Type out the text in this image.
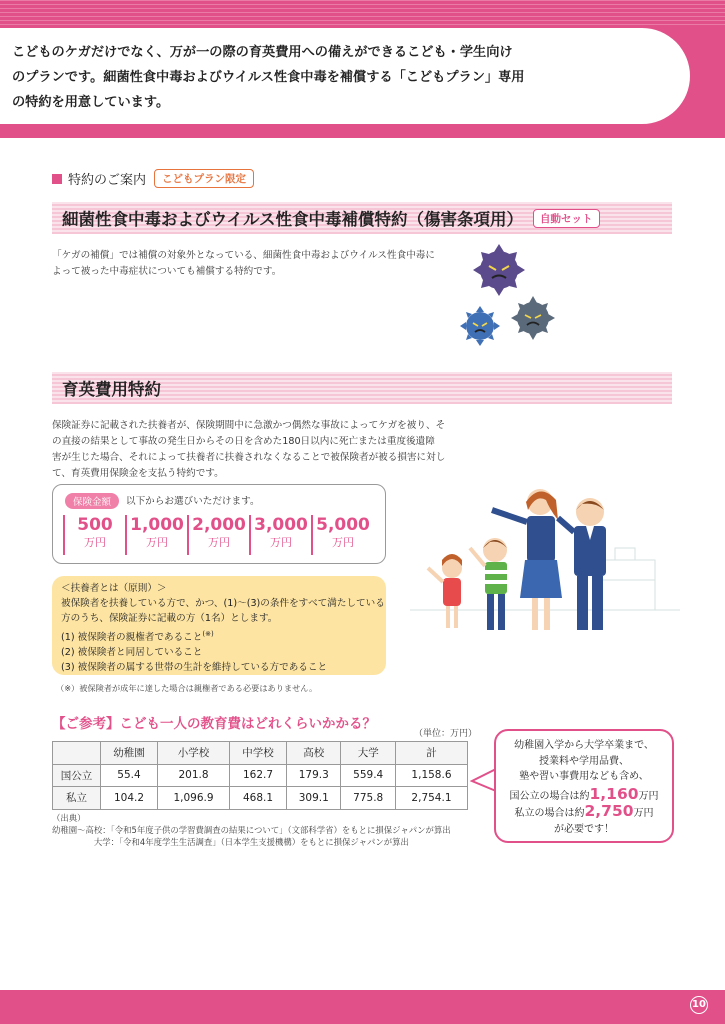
こどものケガだけでなく、万が一の際の育英費用への備えができるこども・学生向け
のプランです。細菌性食中毒およびウイルス性食中毒を補償する「こどもプラン」専用
の特約を用意しています。

特約のご案内	こどもプラン限定
細菌性食中毒およびウイルス性食中毒補償特約（傷害条項用）	自動セット

「ケガの補償」では補償の対象外となっている、細菌性食中毒およびウイルス性食中毒に
よって被った中毒症状についても補償する特約です。

育英費用特約

保険証券に記載された扶養者が、保険期間中に急激かつ偶然な事故によってケガを被り、そ
の直接の結果として事故の発生日からその日を含めた180日以内に死亡または重度後遺障
害が生じた場合、それによって扶養者に扶養されなくなることで被保険者が被る損害に対し
て、育英費用保険金を支払う特約です。

保険金額	以下からお選びいただけます。
500
万円
1,000
万円
2,000
万円
3,000
万円
5,000
万円
＜扶養者とは（原則）＞
被保険者を扶養している方で、かつ、(1)～(3)の条件をすべて満たしている
方のうち、保険証券に記載の方（1名）とします。
(1) 被保険者の親権者であること(※)
(2) 被保険者と同居していること
(3) 被保険者の属する世帯の生計を維持している方であること

（※）被保険者が成年に達した場合は親権者である必要はありません。

【ご参考】こども一人の教育費はどれくらいかかる？
（単位：万円）
	幼稚園	小学校	中学校	高校	大学	計
国公立	55.4	201.8	162.7	179.3	559.4	1,158.6
私立	104.2	1,096.9	468.1	309.1	775.8	2,754.1

（出典）
幼稚園～高校：「令和5年度子供の学習費調査の結果について」（文部科学省）をもとに損保ジャパンが算出
　　　　　大学：「令和4年度学生生活調査」（日本学生支援機構）をもとに損保ジャパンが算出

幼稚園入学から大学卒業まで、
授業料や学用品費、
塾や習い事費用なども含め、
国公立の場合は約1,160万円
私立の場合は約2,750万円
が必要です！
10
